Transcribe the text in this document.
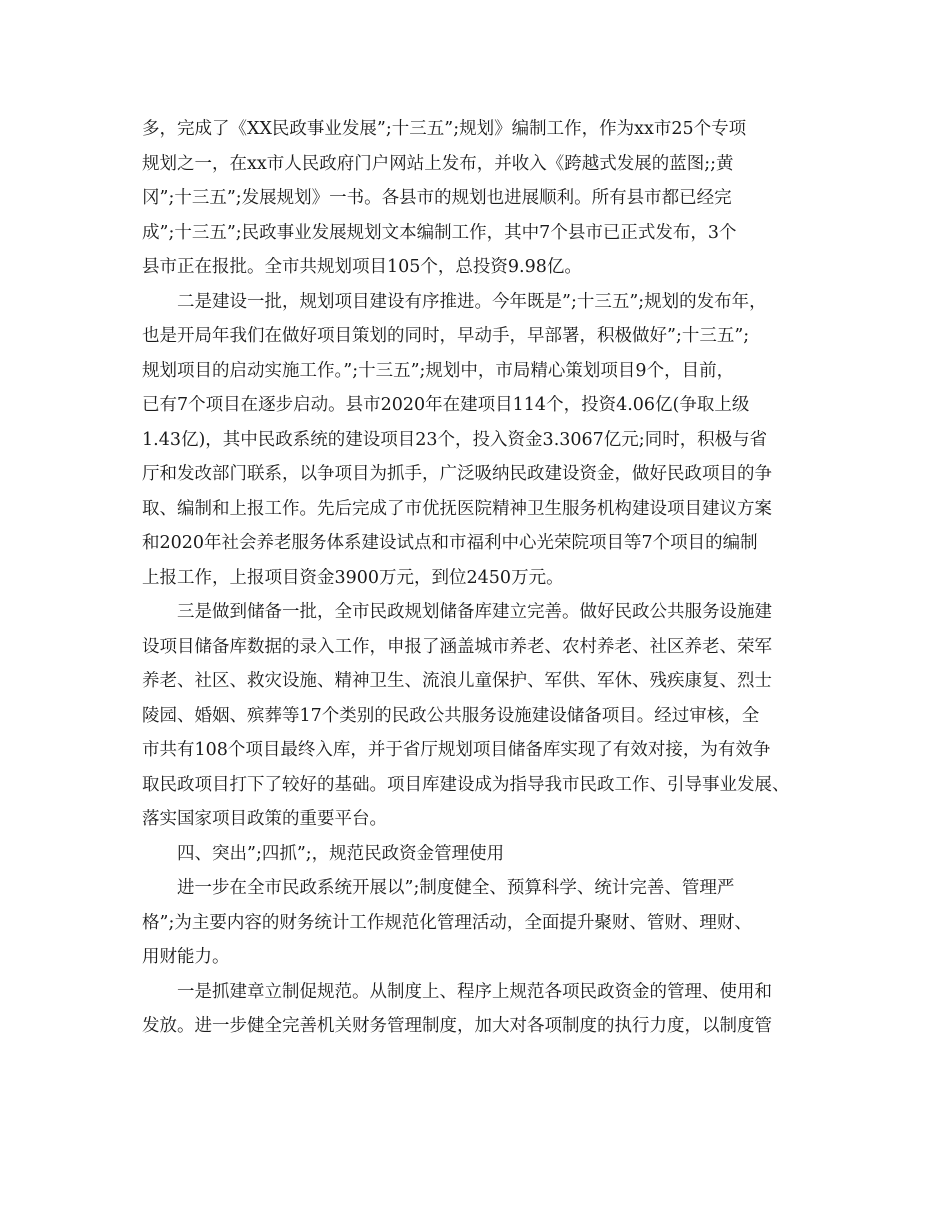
多，完成了《XX民政事业发展”;十三五”;规划》编制工作，作为xx市25个专项
规划之一，在xx市人民政府门户网站上发布，并收入《跨越式发展的蓝图;;黄
冈”;十三五”;发展规划》一书。各县市的规划也进展顺利。所有县市都已经完
成”;十三五”;民政事业发展规划文本编制工作，其中7个县市已正式发布，3个
县市正在报批。全市共规划项目105个，总投资9.98亿。
二是建设一批，规划项目建设有序推进。今年既是”;十三五”;规划的发布年，
也是开局年我们在做好项目策划的同时，早动手，早部署，积极做好”;十三五”;
规划项目的启动实施工作。”;十三五”;规划中，市局精心策划项目9个，目前，
已有7个项目在逐步启动。县市2020年在建项目114个，投资4.06亿(争取上级
1.43亿)，其中民政系统的建设项目23个，投入资金3.3067亿元;同时，积极与省
厅和发改部门联系，以争项目为抓手，广泛吸纳民政建设资金，做好民政项目的争
取、编制和上报工作。先后完成了市优抚医院精神卫生服务机构建设项目建议方案
和2020年社会养老服务体系建设试点和市福利中心光荣院项目等7个项目的编制
上报工作，上报项目资金3900万元，到位2450万元。
三是做到储备一批，全市民政规划储备库建立完善。做好民政公共服务设施建
设项目储备库数据的录入工作，申报了涵盖城市养老、农村养老、社区养老、荣军
养老、社区、救灾设施、精神卫生、流浪儿童保护、军供、军休、残疾康复、烈士
陵园、婚姻、殡葬等17个类别的民政公共服务设施建设储备项目。经过审核，全
市共有108个项目最终入库，并于省厅规划项目储备库实现了有效对接，为有效争
取民政项目打下了较好的基础。项目库建设成为指导我市民政工作、引导事业发展、
落实国家项目政策的重要平台。
四、突出”;四抓”;，规范民政资金管理使用
进一步在全市民政系统开展以”;制度健全、预算科学、统计完善、管理严
格”;为主要内容的财务统计工作规范化管理活动，全面提升聚财、管财、理财、
用财能力。
一是抓建章立制促规范。从制度上、程序上规范各项民政资金的管理、使用和
发放。进一步健全完善机关财务管理制度，加大对各项制度的执行力度，以制度管
